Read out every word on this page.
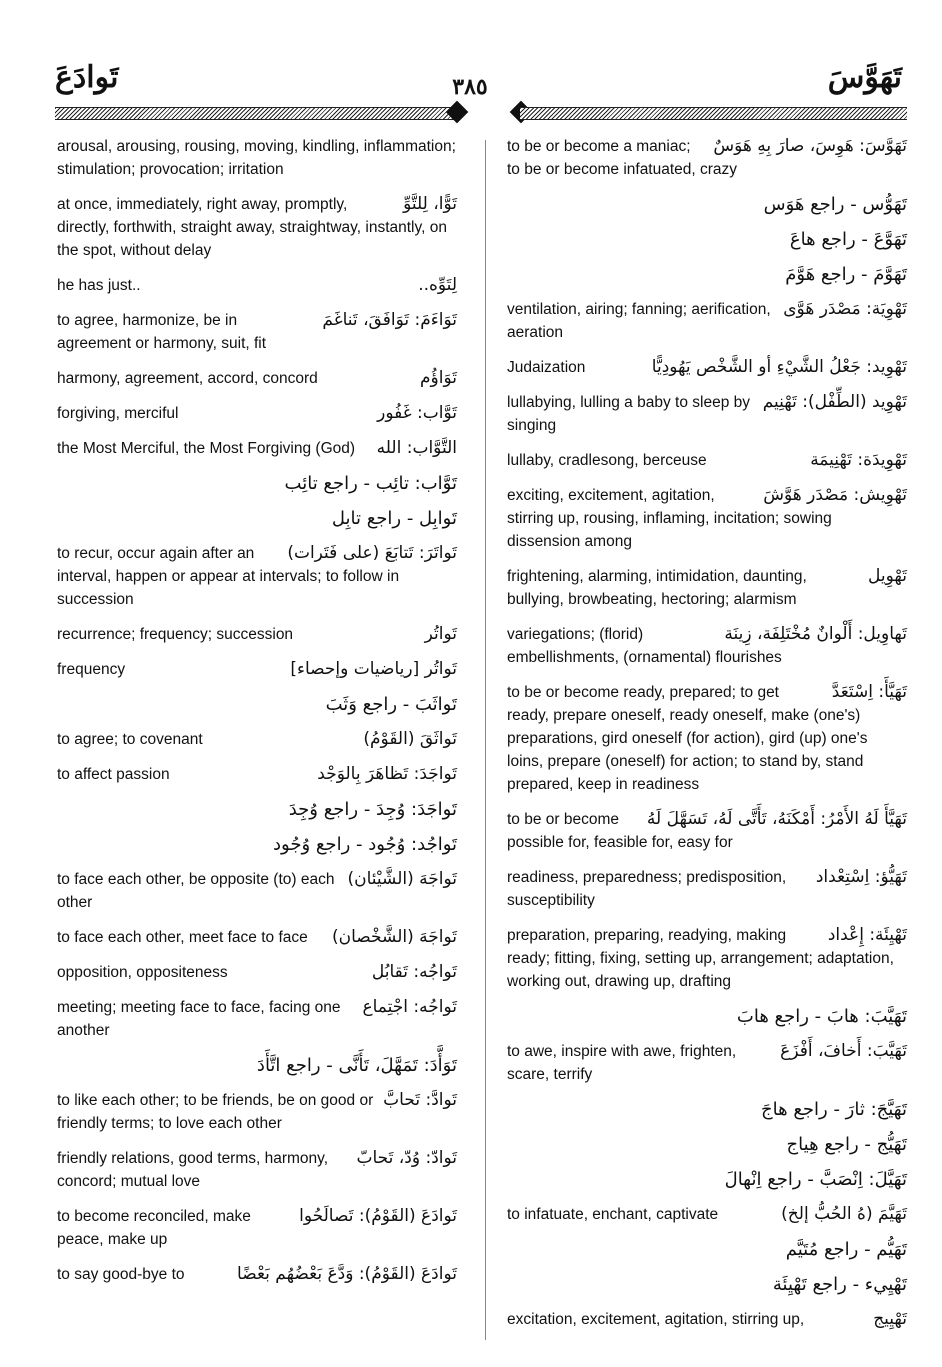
تَوادَعَ	٣٨٥	تَهَوَّسَ
arousal, arousing, rousing, moving, kindling, inflammation; stimulation; provocation; irritation
تَوًّا، لِلتَّوِّ
at once, immediately, right away, promptly, directly, forthwith, straight away, straightway, instantly, on the spot, without delay
لِتَوِّه..
he has just..
تَوَاءَمَ: تَوَافَقَ، تَناغَمَ
to agree, harmonize, be in agreement or harmony, suit, fit
تَوَاؤُم
harmony, agreement, accord, concord
تَوَّاب: غَفُور
forgiving, merciful
التَّوَّاب: الله
the Most Merciful, the Most Forgiving (God)
تَوَّاب: تائِب - راجع تائِب
تَوابِل - راجع تابِل
تَواتَرَ: تَتابَعَ (على فَتَرات)
to recur, occur again after an interval, happen or appear at intervals; to follow in succession
تَواتُر
recurrence; frequency; succession
تَواتُر [رياضيات وإحصاء]
frequency
تَواثَبَ - راجع وَثَبَ
تَواثَقَ (القَوْمُ)
to agree; to covenant
تَواجَدَ: تَظاهَرَ بِالوَجْد
to affect passion
تَواجَدَ: وُجِدَ - راجع وُجِدَ
تَواجُد: وُجُود - راجع وُجُود
تَواجَهَ (الشَّيْئان)
to face each other, be opposite (to) each other
تَواجَهَ (الشَّخْصان)
to face each other, meet face to face
تَواجُه: تَقابُل
opposition, oppositeness
تَواجُه: اجْتِماع
meeting; meeting face to face, facing one another
تَوَأَّدَ: تَمَهَّلَ، تَأَنَّى - راجع اتَّأَدَ
تَوادَّ: تَحابَّ
to like each other; to be friends, be on good or friendly terms; to love each other
تَوادّ: وُدّ، تَحابّ
friendly relations, good terms, harmony, concord; mutual love
تَوادَعَ (القَوْمُ): تَصالَحُوا
to become reconciled, make peace, make up
تَوادَعَ (القَوْمُ): وَدَّعَ بَعْضُهُم بَعْضًا
to say good-bye to
تَهَوَّسَ: هَوِسَ، صارَ بِهِ هَوَسٌ
to be or become a maniac; to be or become infatuated, crazy
تَهَوُّس - راجع هَوَس
تَهَوَّعَ - راجع هاعَ
تَهَوَّمَ - راجع هَوَّمَ
تَهْوِيَة: مَصْدَر هَوَّى
ventilation, airing; fanning; aerification, aeration
تَهْوِيد: جَعْلُ الشَّيْءِ أو الشَّخْص يَهُودِيًّا
Judaization
تَهْوِيد (الطِّفْل): تَهْنِيم
lullabying, lulling a baby to sleep by singing
تَهْوِيدَة: تَهْنِيمَة
lullaby, cradlesong, berceuse
تَهْوِيش: مَصْدَر هَوَّشَ
exciting, excitement, agitation, stirring up, rousing, inflaming, incitation; sowing dissension among
تَهْوِيل
frightening, alarming, intimidation, daunting, bullying, browbeating, hectoring; alarmism
تَهاوِيل: أَلْوانٌ مُخْتَلِفَة، زِينَة
variegations; (florid) embellishments, (ornamental) flourishes
تَهَيَّأَ: اِسْتَعَدَّ
to be or become ready, prepared; to get ready, prepare oneself, ready oneself, make (one's) preparations, gird oneself (for action), gird (up) one's loins, prepare (oneself) for action; to stand by, stand prepared, keep in readiness
تَهَيَّأَ لَهُ الأَمْرُ: أَمْكَنَهُ، تَأَتَّى لَهُ، تَسَهَّلَ لَهُ
to be or become possible for, feasible for, easy for
تَهَيُّؤ: اِسْتِعْداد
readiness, preparedness; predisposition, susceptibility
تَهْيِئَة: إِعْداد
preparation, preparing, readying, making ready; fitting, fixing, setting up, arrangement; adaptation, working out, drawing up, drafting
تَهَيَّبَ: هابَ - راجع هابَ
تَهَيَّبَ: أَخافَ، أَفْزَعَ
to awe, inspire with awe, frighten, scare, terrify
تَهَيَّجَ: ثارَ - راجع هاجَ
تَهَيُّج - راجع هِياج
تَهَيَّلَ: اِنْصَبَّ - راجع اِنْهالَ
تَهَيَّمَ (هُ الحُبُّ إلخ)
to infatuate, enchant, captivate
تَهَيُّم - راجع مُتَيَّم
تَهْيِيء - راجع تَهْيِئَة
تَهْيِيج
excitation, excitement, agitation, stirring up,
